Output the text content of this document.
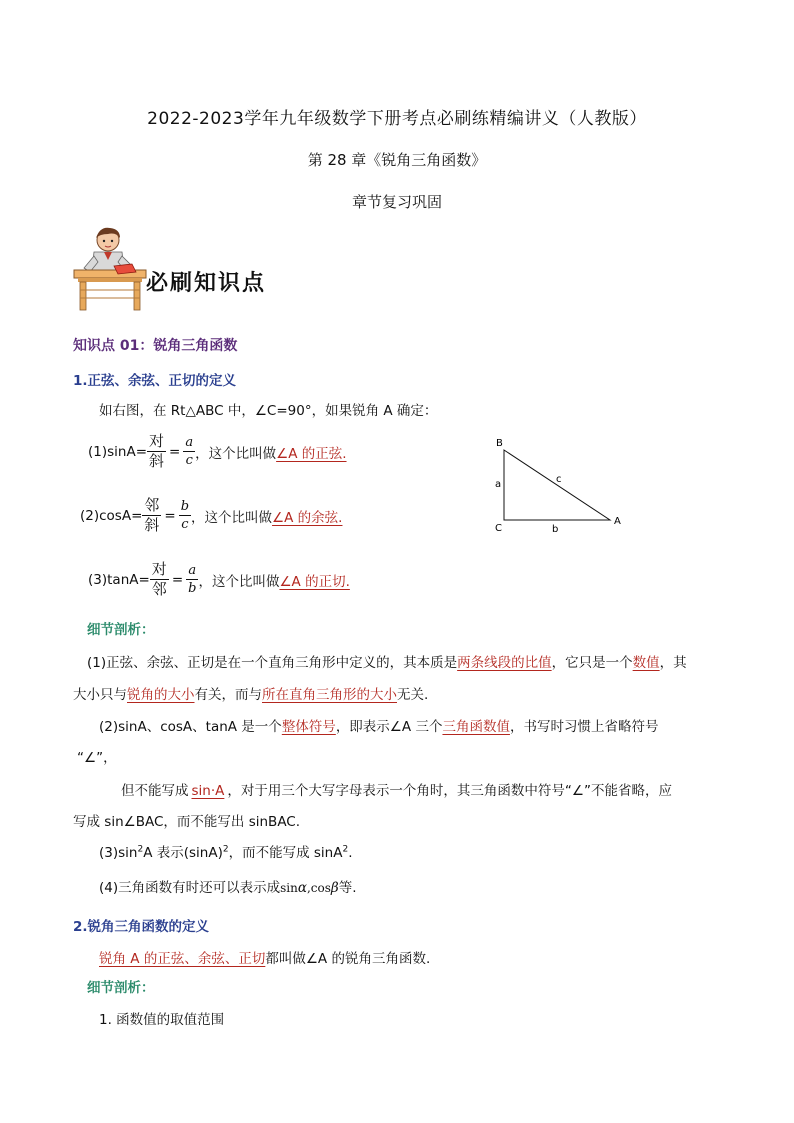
2022-2023学年九年级数学下册考点必刷练精编讲义（人教版）
第 28 章《锐角三角函数》
章节复习巩固
必刷知识点
知识点 01：锐角三角函数
1.正弦、余弦、正切的定义
如右图，在 Rt△ABC 中，∠C=90°，如果锐角 A 确定：
$(1)\sin A= \frac{\text{对}}{\text{斜}} = \frac{a}{c}$ ，这个比叫做 ∠A 的正弦.
$(2)\cos A= \frac{\text{邻}}{\text{斜}} = \frac{b}{c}$ ，这个比叫做 ∠A 的余弦.
$(3)\tan A= \frac{\text{对}}{\text{邻}} = \frac{a}{b}$ ，这个比叫做 ∠A 的正切.
B
C
A
a
b
c
细节剖析：
(1)正弦、余弦、正切是在一个直角三角形中定义的，其本质是两条线段的比值，它只是一个数值，其
大小只与锐角的大小有关，而与所在直角三角形的大小无关.
(2)sinA、cosA、tanA 是一个整体符号，即表示∠A 三个三角函数值，书写时习惯上省略符号
“∠”，
但不能写成 sin·A ，对于用三个大写字母表示一个角时，其三角函数中符号“∠”不能省略，应
写成 sin∠BAC，而不能写出 sinBAC.
$(3)\sin^2A$ 表示$(\sin A)^2$，而不能写成 sinA$^2$.
(4)三角函数有时还可以表示成sinα,cosβ等.
2.锐角三角函数的定义
锐角 A 的正弦、余弦、正切都叫做∠A 的锐角三角函数.
细节剖析：
1. 函数值的取值范围
